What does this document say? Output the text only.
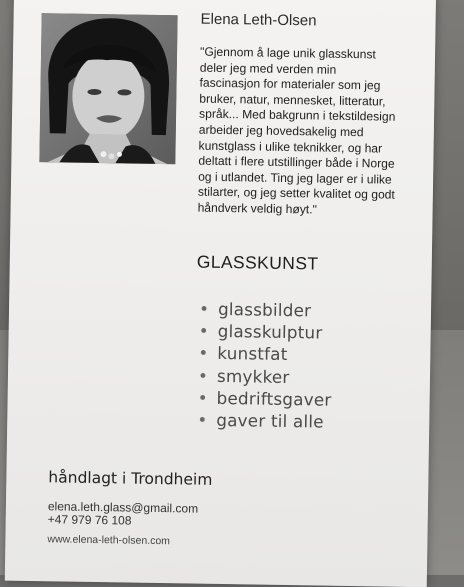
Elena Leth-Olsen
"Gjennom å lage unik glasskunst
deler jeg med verden min
fascinasjon for materialer som jeg
bruker, natur, mennesket, litteratur,
språk... Med bakgrunn i tekstildesign
arbeider jeg hovedsakelig med
kunstglass i ulike teknikker, og har
deltatt i flere utstillinger både i Norge
og i utlandet. Ting jeg lager er i ulike
stilarter, og jeg setter kvalitet og godt
håndverk veldig høyt."
GLASSKUNST
• glassbilder
• glasskulptur
• kunstfat
• smykker
• bedriftsgaver
• gaver til alle
håndlagt i Trondheim
elena.leth.glass@gmail.com
+47 979 76 108
www.elena-leth-olsen.com
